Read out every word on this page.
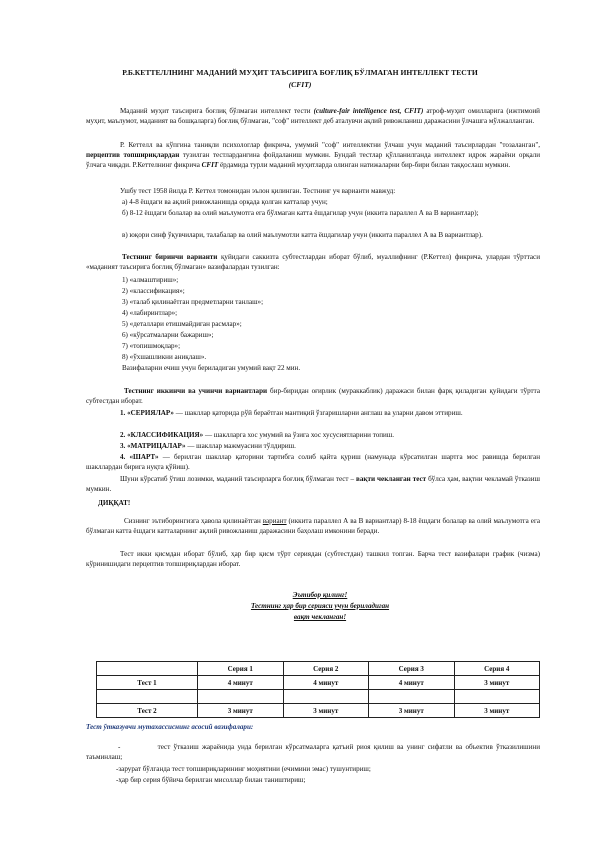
Р.Б.КЕТТЕЛЛНИНГ МАДАНИЙ МУҲИТ ТАЪСИРИГА БОҒЛИҚ БЎЛМАГАН ИНТЕЛЛЕКТ ТЕСТИ
(CFIT)
Маданий муҳит таъсирига боғлиқ бўлмаган интеллект тести (culture-fair intelligence test, CFIT) атроф-муҳит омилларига (ижтимоий муҳит, маълумот, маданият ва бошқаларга) боғлиқ бўлмаган, "соф" интеллект деб аталувчи ақлий ривожланиш даражасини ўлчашга мўлжалланган.
Р. Кеттелл ва кўпгина таниқли психологлар фикрича, умумий "соф" интеллектни ўлчаш учун маданий таъсирлардан "тозаланган", перцептив топшириқлардан тузилган тестлардангина фойдаланиш мумкин. Бундай тестлар қўлланилганда интеллект идрок жараёни орқали ўлчага чиқади. Р.Кеттелнинг фикрича CFIT ёрдамида турли маданий муҳитларда олинган натижаларни бир-бири билан таққослаш мумкин.
Ушбу тест 1958 йилда Р. Кеттел томонидан эълон қилинган. Тестнинг уч варианти мавжуд:
а) 4-8 ёшдаги ва ақлий ривожланишда орқада қолган катталар учун;
б) 8-12 ёшдаги болалар ва олий маълумотга ега бўлмаган катта ёшдагилар учун (иккита параллел А ва В вариантлар);
в) юқори синф ўқувчилари, талабалар ва олий маълумотли катта ёшдагилар учун (иккита параллел А ва В вариантлар).
Тестнинг биринчи варианти қуйидаги саккизта субтестлардан иборат бўлиб, муаллифнинг (Р.Кеттел) фикрича, улардан тўрттаси «маданият таъсирига боғлиқ бўлмаган» вазифалардан тузилган:
1) «алмаштириш»;
2) «классификация»;
3) «талаб қилинаётган предметларни танлаш»;
4) «лабиринтлар»;
5) «деталлари етишмайдиган расмлар»;
6) «кўрсатмаларни бажариш»;
7) «топишмоқлар»;
8) «ўхшашликни аниқлаш».
Вазифаларни ечиш учун бериладиган умумий вақт 22 мин.
Тестнинг иккинчи ва учинчи вариантлари бир-биридан оғирлик (мураккаблик) даражаси билан фарқ қиладиган қуйидаги тўртта субтестдан иборат.
1. «СЕРИЯЛАР» — шакллар қаторида рўй бераётган мантиқий ўзгаришларни англаш ва уларни давом эттириш.
2. «КЛАССИФИКАЦИЯ» — шаклларга хос умумий ва ўзига хос хусусиятларини топиш.
3. «МАТРИЦАЛАР» — шакллар мажмуасини тўлдириш.
4. «ШАРТ» — берилган шакллар қаторини тартибга солиб қайта қуриш (намунада кўрсатилган шартга мос равишда берилган шакллардан бирига нуқта қўйиш).
Шуни кўрсатиб ўтиш лозимки, маданий таъсирларга боғлиқ бўлмаган тест – вақти чекланган тест бўлса ҳам, вақтни чекламай ўтказиш мумкин.
ДИҚҚАТ!
Сизнинг эътиборингизга ҳавола қилинаётган вариант (иккита параллел А ва В вариантлар) 8-18 ёшдаги болалар ва олий маълумотга ега бўлмаган катта ёшдаги катталарнинг ақлий ривожланиш даражасини баҳолаш имконини беради.
Тест икки қисмдан иборат бўлиб, ҳар бир қисм тўрт сериядан (субтестдан) ташкил топган. Барча тест вазифалари график (чизма) кўринишидаги перцептив топшириқлардан иборат.
Эътибор қилинг!
Тестнинг ҳар бир серияси учун бериладиган
вақт чекланган!
	Серия 1	Серия 2	Серия 3	Серия 4
Тест 1	4 минут	4 минут	4 минут	3 минут

Тест 2	3 минут	3 минут	3 минут	3 минут
Тест ўтказувчи мутахассиснинг асосий вазифалари:
-	тест ўтказиш жараёнида унда берилган кўрсатмаларга қатъий риоя қилиш ва унинг сифатли ва объектив ўтказилишини таъминлаш;
-зарурат бўлганда тест топшириқларининг моҳиятини (ечимини эмас) тушунтириш;
-ҳар бир серия бўйича берилган мисоллар билан таништириш;
